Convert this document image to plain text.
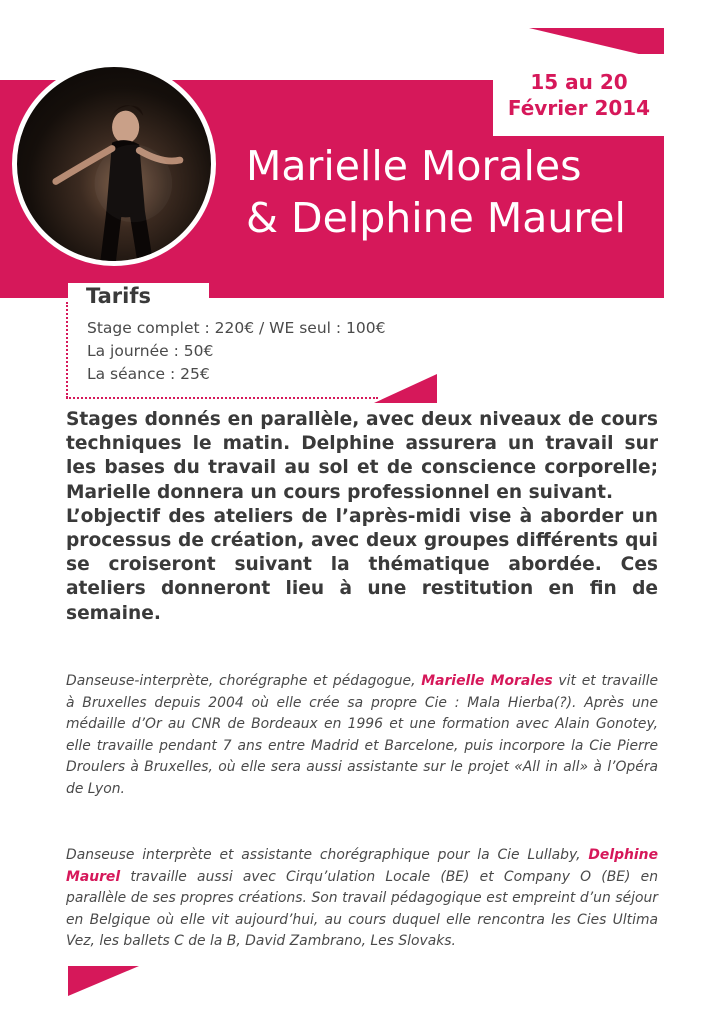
15 au 20
Février 2014
Marielle Morales
& Delphine Maurel
Tarifs
Stage complet : 220€ / WE seul : 100€
La journée : 50€
La séance : 25€

Stages donnés en parallèle, avec deux niveaux de cours techniques le matin. Delphine assurera un travail sur les bases du travail au sol et de conscience corporelle; Marielle donnera un cours professionnel en suivant.

L’objectif des ateliers de l’après-midi vise à aborder un processus de création, avec deux groupes différents qui se croiseront suivant la thématique abordée. Ces ateliers donneront lieu à une restitution en fin de semaine.

Danseuse-interprète, chorégraphe et pédagogue, Marielle Morales vit et travaille à Bruxelles depuis 2004 où elle crée sa propre Cie : Mala Hierba(?). Après une médaille d’Or au CNR de Bordeaux en 1996 et une formation avec Alain Gonotey, elle travaille pendant 7 ans entre Madrid et Barcelone, puis incorpore la Cie Pierre Droulers à Bruxelles, où elle sera aussi assistante sur le projet «All in all» à l’Opéra de Lyon.
Danseuse interprète et assistante chorégraphique pour la Cie Lullaby, Delphine Maurel travaille aussi avec Cirqu’ulation Locale (BE) et Company O (BE) en parallèle de ses propres créations. Son travail pédagogique est empreint d’un séjour en Belgique où elle vit aujourd’hui, au cours duquel elle rencontra les Cies Ultima Vez, les ballets C de la B, David Zambrano, Les Slovaks.
